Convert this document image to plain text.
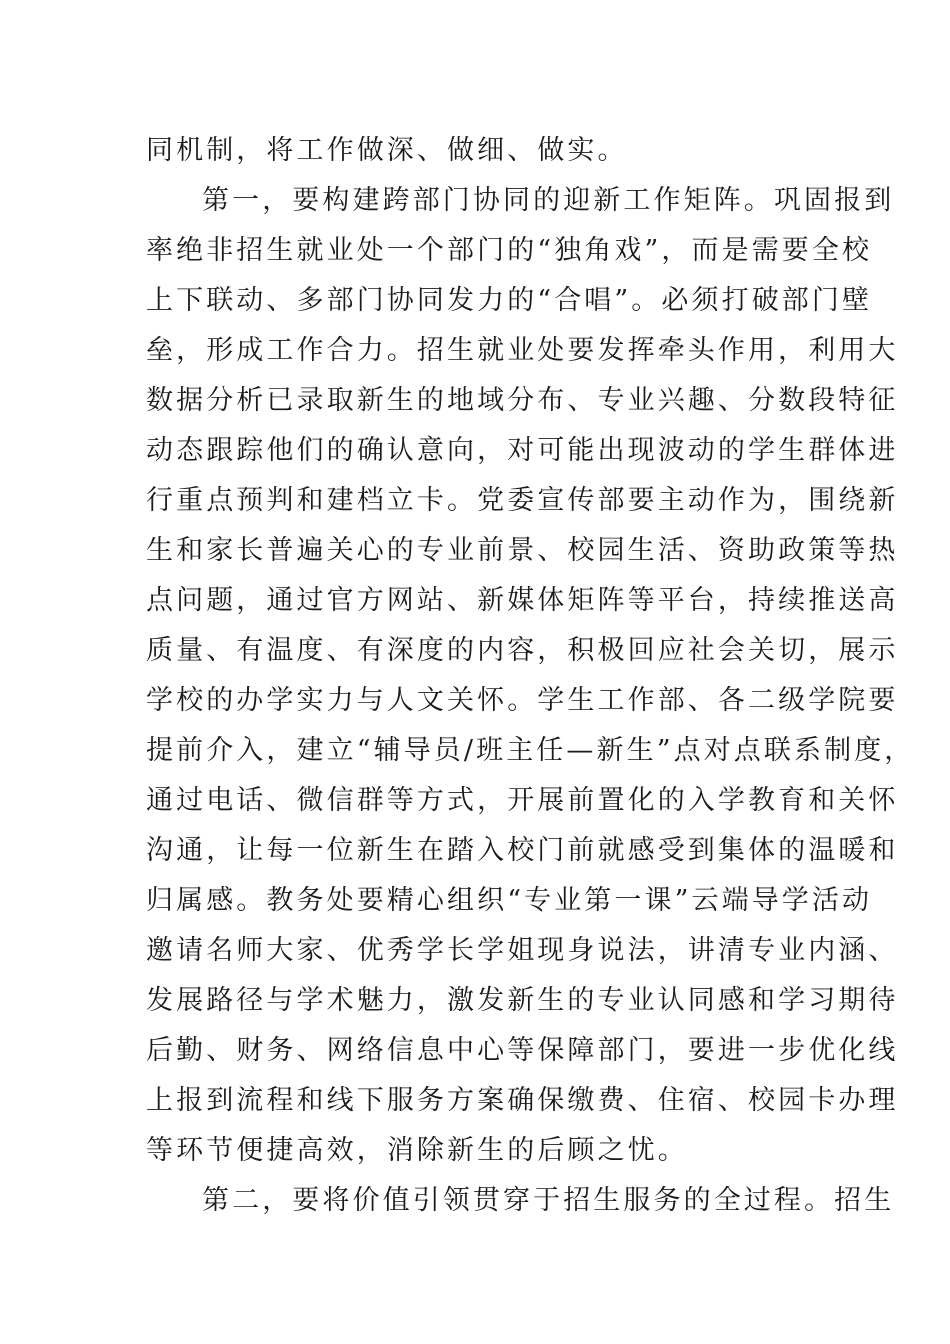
同机制，将工作做深、做细、做实。
第一，要构建跨部门协同的迎新工作矩阵。巩固报到
率绝非招生就业处一个部门的“独角戏”，而是需要全校
上下联动、多部门协同发力的“合唱”。必须打破部门壁
垒，形成工作合力。招生就业处要发挥牵头作用，利用大
数据分析已录取新生的地域分布、专业兴趣、分数段特征
动态跟踪他们的确认意向，对可能出现波动的学生群体进
行重点预判和建档立卡。党委宣传部要主动作为，围绕新
生和家长普遍关心的专业前景、校园生活、资助政策等热
点问题，通过官方网站、新媒体矩阵等平台，持续推送高
质量、有温度、有深度的内容，积极回应社会关切，展示
学校的办学实力与人文关怀。学生工作部、各二级学院要
提前介入，建立“辅导员/班主任—新生”点对点联系制度，
通过电话、微信群等方式，开展前置化的入学教育和关怀
沟通，让每一位新生在踏入校门前就感受到集体的温暖和
归属感。教务处要精心组织“专业第一课”云端导学活动
邀请名师大家、优秀学长学姐现身说法，讲清专业内涵、
发展路径与学术魅力，激发新生的专业认同感和学习期待
后勤、财务、网络信息中心等保障部门，要进一步优化线
上报到流程和线下服务方案确保缴费、住宿、校园卡办理
等环节便捷高效，消除新生的后顾之忧。
第二，要将价值引领贯穿于招生服务的全过程。招生
